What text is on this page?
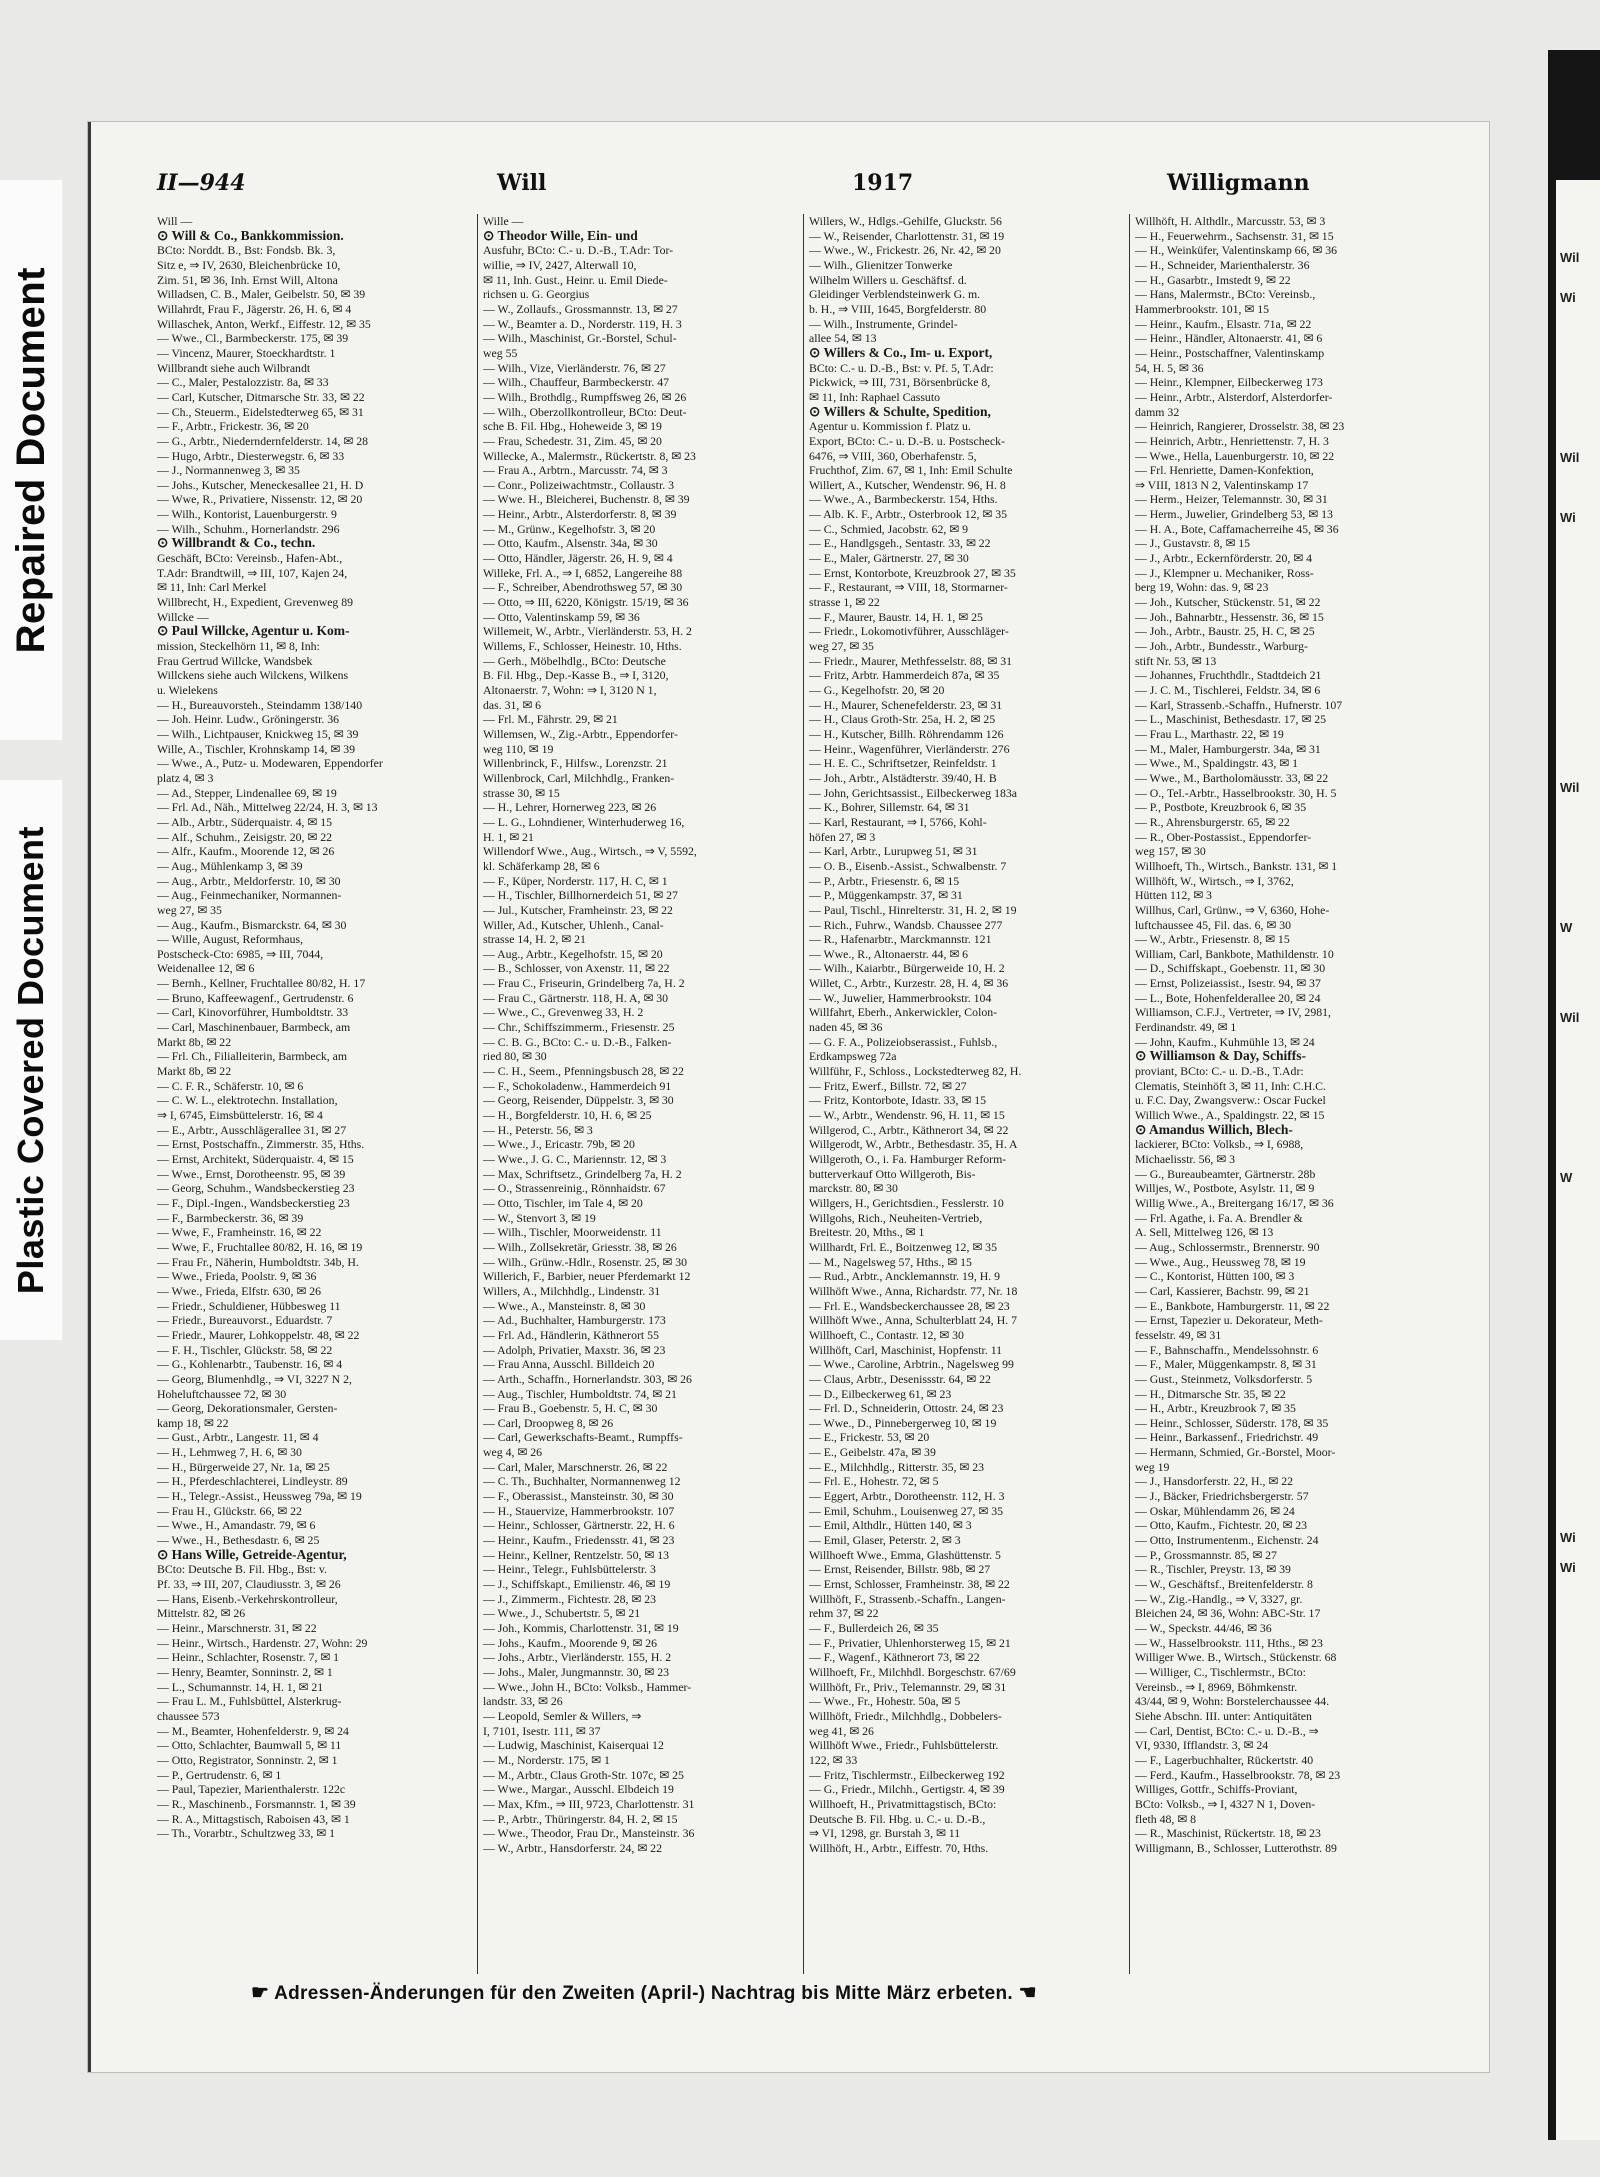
Repaired Document
Plastic Covered Document
II—944	Will	1917	Willigmann
Will —
⊙ Will & Co., Bankkommission.
BCto: Norddt. B., Bst: Fondsb. Bk. 3,
Sitz e, ⇒ IV, 2630, Bleichenbrücke 10,
Zim. 51, ✉ 36, Inh. Ernst Will, Altona
Willadsen, C. B., Maler, Geibelstr. 50, ✉ 39
Willahrdt, Frau F., Jägerstr. 26, H. 6, ✉ 4
Willaschek, Anton, Werkf., Eiffestr. 12, ✉ 35
— Wwe., Cl., Barmbeckerstr. 175, ✉ 39
— Vincenz, Maurer, Stoeckhardtstr. 1
Willbrandt siehe auch Wilbrandt
— C., Maler, Pestalozzistr. 8a, ✉ 33
— Carl, Kutscher, Ditmarsche Str. 33, ✉ 22
— Ch., Steuerm., Eidelstedterweg 65, ✉ 31
— F., Arbtr., Frickestr. 36, ✉ 20
— G., Arbtr., Niederndernfelderstr. 14, ✉ 28
— Hugo, Arbtr., Diesterwegstr. 6, ✉ 33
— J., Normannenweg 3, ✉ 35
— Johs., Kutscher, Meneckesallee 21, H. D
— Wwe, R., Privatiere, Nissenstr. 12, ✉ 20
— Wilh., Kontorist, Lauenburgerstr. 9
— Wilh., Schuhm., Hornerlandstr. 296
⊙ Willbrandt & Co., techn.
Geschäft, BCto: Vereinsb., Hafen-Abt.,
T.Adr: Brandtwill, ⇒ III, 107, Kajen 24,
✉ 11, Inh: Carl Merkel
Willbrecht, H., Expedient, Grevenweg 89
Willcke —
⊙ Paul Willcke, Agentur u. Kom-
mission, Steckelhörn 11, ✉ 8, Inh:
Frau Gertrud Willcke, Wandsbek
Willckens siehe auch Wilckens, Wilkens
u. Wielekens
— H., Bureauvorsteh., Steindamm 138/140
— Joh. Heinr. Ludw., Gröningerstr. 36
— Wilh., Lichtpauser, Knickweg 15, ✉ 39
Wille, A., Tischler, Krohnskamp 14, ✉ 39
— Wwe., A., Putz- u. Modewaren, Eppendorfer
platz 4, ✉ 3
— Ad., Stepper, Lindenallee 69, ✉ 19
— Frl. Ad., Näh., Mittelweg 22/24, H. 3, ✉ 13
— Alb., Arbtr., Süderquaistr. 4, ✉ 15
— Alf., Schuhm., Zeisigstr. 20, ✉ 22
— Alfr., Kaufm., Moorende 12, ✉ 26
— Aug., Mühlenkamp 3, ✉ 39
— Aug., Arbtr., Meldorferstr. 10, ✉ 30
— Aug., Feinmechaniker, Normannen-
weg 27, ✉ 35
— Aug., Kaufm., Bismarckstr. 64, ✉ 30
— Wille, August, Reformhaus,
Postscheck-Cto: 6985, ⇒ III, 7044,
Weidenallee 12, ✉ 6
— Bernh., Kellner, Fruchtallee 80/82, H. 17
— Bruno, Kaffeewagenf., Gertrudenstr. 6
— Carl, Kinovorführer, Humboldtstr. 33
— Carl, Maschinenbauer, Barmbeck, am
Markt 8b, ✉ 22
— Frl. Ch., Filialleiterin, Barmbeck, am
Markt 8b, ✉ 22
— C. F. R., Schäferstr. 10, ✉ 6
— C. W. L., elektrotechn. Installation,
⇒ I, 6745, Eimsbüttelerstr. 16, ✉ 4
— E., Arbtr., Ausschlägerallee 31, ✉ 27
— Ernst, Postschaffn., Zimmerstr. 35, Hths.
— Ernst, Architekt, Süderquaistr. 4, ✉ 15
— Wwe., Ernst, Dorotheenstr. 95, ✉ 39
— Georg, Schuhm., Wandsbeckerstieg 23
— F., Dipl.-Ingen., Wandsbeckerstieg 23
— F., Barmbeckerstr. 36, ✉ 39
— Wwe, F., Framheinstr. 16, ✉ 22
— Wwe, F., Fruchtallee 80/82, H. 16, ✉ 19
— Frau Fr., Näherin, Humboldtstr. 34b, H.
— Wwe., Frieda, Poolstr. 9, ✉ 36
— Wwe., Frieda, Elfstr. 630, ✉ 26
— Friedr., Schuldiener, Hübbesweg 11
— Friedr., Bureauvorst., Eduardstr. 7
— Friedr., Maurer, Lohkoppelstr. 48, ✉ 22
— F. H., Tischler, Glückstr. 58, ✉ 22
— G., Kohlenarbtr., Taubenstr. 16, ✉ 4
— Georg, Blumenhdlg., ⇒ VI, 3227 N 2,
Hoheluftchaussee 72, ✉ 30
— Georg, Dekorationsmaler, Gersten-
kamp 18, ✉ 22
— Gust., Arbtr., Langestr. 11, ✉ 4
— H., Lehmweg 7, H. 6, ✉ 30
— H., Bürgerweide 27, Nr. 1a, ✉ 25
— H., Pferdeschlachterei, Lindleystr. 89
— H., Telegr.-Assist., Heussweg 79a, ✉ 19
— Frau H., Glückstr. 66, ✉ 22
— Wwe., H., Amandastr. 79, ✉ 6
— Wwe., H., Bethesdastr. 6, ✉ 25
⊙ Hans Wille, Getreide-Agentur,
BCto: Deutsche B. Fil. Hbg., Bst: v.
Pf. 33, ⇒ III, 207, Claudiusstr. 3, ✉ 26
— Hans, Eisenb.-Verkehrskontrolleur,
Mittelstr. 82, ✉ 26
— Heinr., Marschnerstr. 31, ✉ 22
— Heinr., Wirtsch., Hardenstr. 27, Wohn: 29
— Heinr., Schlachter, Rosenstr. 7, ✉ 1
— Henry, Beamter, Sonninstr. 2, ✉ 1
— L., Schumannstr. 14, H. 1, ✉ 21
— Frau L. M., Fuhlsbüttel, Alsterkrug-
chaussee 573
— M., Beamter, Hohenfelderstr. 9, ✉ 24
— Otto, Schlachter, Baumwall 5, ✉ 11
— Otto, Registrator, Sonninstr. 2, ✉ 1
— P., Gertrudenstr. 6, ✉ 1
— Paul, Tapezier, Marienthalerstr. 122c
— R., Maschinenb., Forsmannstr. 1, ✉ 39
— R. A., Mittagstisch, Raboisen 43, ✉ 1
— Th., Vorarbtr., Schultzweg 33, ✉ 1
Wille —
⊙ Theodor Wille, Ein- und
Ausfuhr, BCto: C.- u. D.-B., T.Adr: Tor-
willie, ⇒ IV, 2427, Alterwall 10,
✉ 11, Inh. Gust., Heinr. u. Emil Diede-
richsen u. G. Georgius
— W., Zollaufs., Grossmannstr. 13, ✉ 27
— W., Beamter a. D., Norderstr. 119, H. 3
— Wilh., Maschinist, Gr.-Borstel, Schul-
weg 55
— Wilh., Vize, Vierländerstr. 76, ✉ 27
— Wilh., Chauffeur, Barmbeckerstr. 47
— Wilh., Brothdlg., Rumpffsweg 26, ✉ 26
— Wilh., Oberzollkontrolleur, BCto: Deut-
sche B. Fil. Hbg., Hoheweide 3, ✉ 19
— Frau, Schedestr. 31, Zim. 45, ✉ 20
Willecke, A., Malermstr., Rückertstr. 8, ✉ 23
— Frau A., Arbtrn., Marcusstr. 74, ✉ 3
— Conr., Polizeiwachtmstr., Collaustr. 3
— Wwe. H., Bleicherei, Buchenstr. 8, ✉ 39
— Heinr., Arbtr., Alsterdorferstr. 8, ✉ 39
— M., Grünw., Kegelhofstr. 3, ✉ 20
— Otto, Kaufm., Alsenstr. 34a, ✉ 30
— Otto, Händler, Jägerstr. 26, H. 9, ✉ 4
Willeke, Frl. A., ⇒ I, 6852, Langereihe 88
— F., Schreiber, Abendrothsweg 57, ✉ 30
— Otto, ⇒ III, 6220, Königstr. 15/19, ✉ 36
— Otto, Valentinskamp 59, ✉ 36
Willemeit, W., Arbtr., Vierländerstr. 53, H. 2
Willems, F., Schlosser, Heinestr. 10, Hths.
— Gerh., Möbelhdlg., BCto: Deutsche
B. Fil. Hbg., Dep.-Kasse B., ⇒ I, 3120,
Altonaerstr. 7, Wohn: ⇒ I, 3120 N 1,
das. 31, ✉ 6
— Frl. M., Fährstr. 29, ✉ 21
Willemsen, W., Zig.-Arbtr., Eppendorfer-
weg 110, ✉ 19
Willenbrinck, F., Hilfsw., Lorenzstr. 21
Willenbrock, Carl, Milchhdlg., Franken-
strasse 30, ✉ 15
— H., Lehrer, Hornerweg 223, ✉ 26
— L. G., Lohndiener, Winterhuderweg 16,
H. 1, ✉ 21
Willendorf Wwe., Aug., Wirtsch., ⇒ V, 5592,
kl. Schäferkamp 28, ✉ 6
— F., Küper, Norderstr. 117, H. C, ✉ 1
— H., Tischler, Billhornerdeich 51, ✉ 27
— Jul., Kutscher, Framheinstr. 23, ✉ 22
Willer, Ad., Kutscher, Uhlenh., Canal-
strasse 14, H. 2, ✉ 21
— Aug., Arbtr., Kegelhofstr. 15, ✉ 20
— B., Schlosser, von Axenstr. 11, ✉ 22
— Frau C., Friseurin, Grindelberg 7a, H. 2
— Frau C., Gärtnerstr. 118, H. A, ✉ 30
— Wwe., C., Grevenweg 33, H. 2
— Chr., Schiffszimmerm., Friesenstr. 25
— C. B. G., BCto: C.- u. D.-B., Falken-
ried 80, ✉ 30
— C. H., Seem., Pfenningsbusch 28, ✉ 22
— F., Schokoladenw., Hammerdeich 91
— Georg, Reisender, Düppelstr. 3, ✉ 30
— H., Borgfelderstr. 10, H. 6, ✉ 25
— H., Peterstr. 56, ✉ 3
— Wwe., J., Ericastr. 79b, ✉ 20
— Wwe., J. G. C., Mariennstr. 12, ✉ 3
— Max, Schriftsetz., Grindelberg 7a, H. 2
— O., Strassenreinig., Rönnhaidstr. 67
— Otto, Tischler, im Tale 4, ✉ 20
— W., Stenvort 3, ✉ 19
— Wilh., Tischler, Moorweidenstr. 11
— Wilh., Zollsekretär, Griesstr. 38, ✉ 26
— Wilh., Grünw.-Hdlr., Rosenstr. 25, ✉ 30
Willerich, F., Barbier, neuer Pferdemarkt 12
Willers, A., Milchhdlg., Lindenstr. 31
— Wwe., A., Mansteinstr. 8, ✉ 30
— Ad., Buchhalter, Hamburgerstr. 173
— Frl. Ad., Händlerin, Käthnerort 55
— Adolph, Privatier, Maxstr. 36, ✉ 23
— Frau Anna, Ausschl. Billdeich 20
— Arth., Schaffn., Hornerlandstr. 303, ✉ 26
— Aug., Tischler, Humboldtstr. 74, ✉ 21
— Frau B., Goebenstr. 5, H. C, ✉ 30
— Carl, Droopweg 8, ✉ 26
— Carl, Gewerkschafts-Beamt., Rumpffs-
weg 4, ✉ 26
— Carl, Maler, Marschnerstr. 26, ✉ 22
— C. Th., Buchhalter, Normannenweg 12
— F., Oberassist., Mansteinstr. 30, ✉ 30
— H., Stauervize, Hammerbrookstr. 107
— Heinr., Schlosser, Gärtnerstr. 22, H. 6
— Heinr., Kaufm., Friedensstr. 41, ✉ 23
— Heinr., Kellner, Rentzelstr. 50, ✉ 13
— Heinr., Telegr., Fuhlsbüttelerstr. 3
— J., Schiffskapt., Emilienstr. 46, ✉ 19
— J., Zimmerm., Fichtestr. 28, ✉ 23
— Wwe., J., Schubertstr. 5, ✉ 21
— Joh., Kommis, Charlottenstr. 31, ✉ 19
— Johs., Kaufm., Moorende 9, ✉ 26
— Johs., Arbtr., Vierländerstr. 155, H. 2
— Johs., Maler, Jungmannstr. 30, ✉ 23
— Wwe., John H., BCto: Volksb., Hammer-
landstr. 33, ✉ 26
— Leopold, Semler & Willers, ⇒
I, 7101, Isestr. 111, ✉ 37
— Ludwig, Maschinist, Kaiserquai 12
— M., Norderstr. 175, ✉ 1
— M., Arbtr., Claus Groth-Str. 107c, ✉ 25
— Wwe., Margar., Ausschl. Elbdeich 19
— Max, Kfm., ⇒ III, 9723, Charlottenstr. 31
— P., Arbtr., Thüringerstr. 84, H. 2, ✉ 15
— Wwe., Theodor, Frau Dr., Mansteinstr. 36
— W., Arbtr., Hansdorferstr. 24, ✉ 22
Willers, W., Hdlgs.-Gehilfe, Gluckstr. 56
— W., Reisender, Charlottenstr. 31, ✉ 19
— Wwe., W., Frickestr. 26, Nr. 42, ✉ 20
— Wilh., Glienitzer Tonwerke
Wilhelm Willers u. Geschäftsf. d.
Gleidinger Verblendsteinwerk G. m.
b. H., ⇒ VIII, 1645, Borgfelderstr. 80
— Wilh., Instrumente, Grindel-
allee 54, ✉ 13
⊙ Willers & Co., Im- u. Export,
BCto: C.- u. D.-B., Bst: v. Pf. 5, T.Adr:
Pickwick, ⇒ III, 731, Börsenbrücke 8,
✉ 11, Inh: Raphael Cassuto
⊙ Willers & Schulte, Spedition,
Agentur u. Kommission f. Platz u.
Export, BCto: C.- u. D.-B. u. Postscheck-
6476, ⇒ VIII, 360, Oberhafenstr. 5,
Fruchthof, Zim. 67, ✉ 1, Inh: Emil Schulte
Willert, A., Kutscher, Wendenstr. 96, H. 8
— Wwe., A., Barmbeckerstr. 154, Hths.
— Alb. K. F., Arbtr., Osterbrook 12, ✉ 35
— C., Schmied, Jacobstr. 62, ✉ 9
— E., Handlgsgeh., Sentastr. 33, ✉ 22
— E., Maler, Gärtnerstr. 27, ✉ 30
— Ernst, Kontorbote, Kreuzbrook 27, ✉ 35
— F., Restaurant, ⇒ VIII, 18, Stormarner-
strasse 1, ✉ 22
— F., Maurer, Baustr. 14, H. 1, ✉ 25
— Friedr., Lokomotivführer, Ausschläger-
weg 27, ✉ 35
— Friedr., Maurer, Methfesselstr. 88, ✉ 31
— Fritz, Arbtr. Hammerdeich 87a, ✉ 35
— G., Kegelhofstr. 20, ✉ 20
— H., Maurer, Schenefelderstr. 23, ✉ 31
— H., Claus Groth-Str. 25a, H. 2, ✉ 25
— H., Kutscher, Billh. Röhrendamm 126
— Heinr., Wagenführer, Vierländerstr. 276
— H. E. C., Schriftsetzer, Reinfeldstr. 1
— Joh., Arbtr., Alstädterstr. 39/40, H. B
— John, Gerichtsassist., Eilbeckerweg 183a
— K., Bohrer, Sillemstr. 64, ✉ 31
— Karl, Restaurant, ⇒ I, 5766, Kohl-
höfen 27, ✉ 3
— Karl, Arbtr., Lurupweg 51, ✉ 31
— O. B., Eisenb.-Assist., Schwalbenstr. 7
— P., Arbtr., Friesenstr. 6, ✉ 15
— P., Müggenkampstr. 37, ✉ 31
— Paul, Tischl., Hinrelterstr. 31, H. 2, ✉ 19
— Rich., Fuhrw., Wandsb. Chaussee 277
— R., Hafenarbtr., Marckmannstr. 121
— Wwe., R., Altonaerstr. 44, ✉ 6
— Wilh., Kaiarbtr., Bürgerweide 10, H. 2
Willet, C., Arbtr., Kurzestr. 28, H. 4, ✉ 36
— W., Juwelier, Hammerbrookstr. 104
Willfahrt, Eberh., Ankerwickler, Colon-
naden 45, ✉ 36
— G. F. A., Polizeiobserassist., Fuhlsb.,
Erdkampsweg 72a
Willführ, F., Schloss., Lockstedterweg 82, H.
— Fritz, Ewerf., Billstr. 72, ✉ 27
— Fritz, Kontorbote, Idastr. 33, ✉ 15
— W., Arbtr., Wendenstr. 96, H. 11, ✉ 15
Willgerod, C., Arbtr., Käthnerort 34, ✉ 22
Willgerodt, W., Arbtr., Bethesdastr. 35, H. A
Willgeroth, O., i. Fa. Hamburger Reform-
butterverkauf Otto Willgeroth, Bis-
marckstr. 80, ✉ 30
Willgers, H., Gerichtsdien., Fesslerstr. 10
Willgohs, Rich., Neuheiten-Vertrieb,
Breitestr. 20, Mths., ✉ 1
Willhardt, Frl. E., Boitzenweg 12, ✉ 35
— M., Nagelsweg 57, Hths., ✉ 15
— Rud., Arbtr., Ancklemannstr. 19, H. 9
Willhöft Wwe., Anna, Richardstr. 77, Nr. 18
— Frl. E., Wandsbeckerchaussee 28, ✉ 23
Willhöft Wwe., Anna, Schulterblatt 24, H. 7
Willhoeft, C., Contastr. 12, ✉ 30
Willhöft, Carl, Maschinist, Hopfenstr. 11
— Wwe., Caroline, Arbtrin., Nagelsweg 99
— Claus, Arbtr., Desenissstr. 64, ✉ 22
— D., Eilbeckerweg 61, ✉ 23
— Frl. D., Schneiderin, Ottostr. 24, ✉ 23
— Wwe., D., Pinnebergerweg 10, ✉ 19
— E., Frickestr. 53, ✉ 20
— E., Geibelstr. 47a, ✉ 39
— E., Milchhdlg., Ritterstr. 35, ✉ 23
— Frl. E., Hohestr. 72, ✉ 5
— Eggert, Arbtr., Dorotheenstr. 112, H. 3
— Emil, Schuhm., Louisenweg 27, ✉ 35
— Emil, Althdlr., Hütten 140, ✉ 3
— Emil, Glaser, Peterstr. 2, ✉ 3
Willhoeft Wwe., Emma, Glashüttenstr. 5
— Ernst, Reisender, Billstr. 98b, ✉ 27
— Ernst, Schlosser, Framheinstr. 38, ✉ 22
Willhöft, F., Strassenb.-Schaffn., Langen-
rehm 37, ✉ 22
— F., Bullerdeich 26, ✉ 35
— F., Privatier, Uhlenhorsterweg 15, ✉ 21
— F., Wagenf., Käthnerort 73, ✉ 22
Willhoeft, Fr., Milchhdl. Borgeschstr. 67/69
Willhöft, Fr., Priv., Telemannstr. 29, ✉ 31
— Wwe., Fr., Hohestr. 50a, ✉ 5
Willhöft, Friedr., Milchhdlg., Dobbelers-
weg 41, ✉ 26
Willhöft Wwe., Friedr., Fuhlsbüttelerstr.
122, ✉ 33
— Fritz, Tischlermstr., Eilbeckerweg 192
— G., Friedr., Milchh., Gertigstr. 4, ✉ 39
Willhoeft, H., Privatmittagstisch, BCto:
Deutsche B. Fil. Hbg. u. C.- u. D.-B.,
⇒ VI, 1298, gr. Burstah 3, ✉ 11
Willhöft, H., Arbtr., Eiffestr. 70, Hths.
Willhöft, H. Althdlr., Marcusstr. 53, ✉ 3
— H., Feuerwehrm., Sachsenstr. 31, ✉ 15
— H., Weinküfer, Valentinskamp 66, ✉ 36
— H., Schneider, Marienthalerstr. 36
— H., Gasarbtr., Imstedt 9, ✉ 22
— Hans, Malermstr., BCto: Vereinsb.,
Hammerbrookstr. 101, ✉ 15
— Heinr., Kaufm., Elsastr. 71a, ✉ 22
— Heinr., Händler, Altonaerstr. 41, ✉ 6
— Heinr., Postschaffner, Valentinskamp
54, H. 5, ✉ 36
— Heinr., Klempner, Eilbeckerweg 173
— Heinr., Arbtr., Alsterdorf, Alsterdorfer-
damm 32
— Heinrich, Rangierer, Drosselstr. 38, ✉ 23
— Heinrich, Arbtr., Henriettenstr. 7, H. 3
— Wwe., Hella, Lauenburgerstr. 10, ✉ 22
— Frl. Henriette, Damen-Konfektion,
⇒ VIII, 1813 N 2, Valentinskamp 17
— Herm., Heizer, Telemannstr. 30, ✉ 31
— Herm., Juwelier, Grindelberg 53, ✉ 13
— H. A., Bote, Caffamacherreihe 45, ✉ 36
— J., Gustavstr. 8, ✉ 15
— J., Arbtr., Eckernförderstr. 20, ✉ 4
— J., Klempner u. Mechaniker, Ross-
berg 19, Wohn: das. 9, ✉ 23
— Joh., Kutscher, Stückenstr. 51, ✉ 22
— Joh., Bahnarbtr., Hessenstr. 36, ✉ 15
— Joh., Arbtr., Baustr. 25, H. C, ✉ 25
— Joh., Arbtr., Bundesstr., Warburg-
stift Nr. 53, ✉ 13
— Johannes, Fruchthdlr., Stadtdeich 21
— J. C. M., Tischlerei, Feldstr. 34, ✉ 6
— Karl, Strassenb.-Schaffn., Hufnerstr. 107
— L., Maschinist, Bethesdastr. 17, ✉ 25
— Frau L., Marthastr. 22, ✉ 19
— M., Maler, Hamburgerstr. 34a, ✉ 31
— Wwe., M., Spaldingstr. 43, ✉ 1
— Wwe., M., Bartholomäusstr. 33, ✉ 22
— O., Tel.-Arbtr., Hasselbrookstr. 30, H. 5
— P., Postbote, Kreuzbrook 6, ✉ 35
— R., Ahrensburgerstr. 65, ✉ 22
— R., Ober-Postassist., Eppendorfer-
weg 157, ✉ 30
Willhoeft, Th., Wirtsch., Bankstr. 131, ✉ 1
Willhöft, W., Wirtsch., ⇒ I, 3762,
Hütten 112, ✉ 3
Willhus, Carl, Grünw., ⇒ V, 6360, Hohe-
luftchaussee 45, Fil. das. 6, ✉ 30
— W., Arbtr., Friesenstr. 8, ✉ 15
William, Carl, Bankbote, Mathildenstr. 10
— D., Schiffskapt., Goebenstr. 11, ✉ 30
— Ernst, Polizeiassist., Isestr. 94, ✉ 37
— L., Bote, Hohenfelderallee 20, ✉ 24
Williamson, C.F.J., Vertreter, ⇒ IV, 2981,
Ferdinandstr. 49, ✉ 1
— John, Kaufm., Kuhmühle 13, ✉ 24
⊙ Williamson & Day, Schiffs-
proviant, BCto: C.- u. D.-B., T.Adr:
Clematis, Steinhöft 3, ✉ 11, Inh: C.H.C.
u. F.C. Day, Zwangsverw.: Oscar Fuckel
Willich Wwe., A., Spaldingstr. 22, ✉ 15
⊙ Amandus Willich, Blech-
lackierer, BCto: Volksb., ⇒ I, 6988,
Michaelisstr. 56, ✉ 3
— G., Bureaubeamter, Gärtnerstr. 28b
Willjes, W., Postbote, Asylstr. 11, ✉ 9
Willig Wwe., A., Breitergang 16/17, ✉ 36
— Frl. Agathe, i. Fa. A. Brendler &
A. Sell, Mittelweg 126, ✉ 13
— Aug., Schlossermstr., Brennerstr. 90
— Wwe., Aug., Heussweg 78, ✉ 19
— C., Kontorist, Hütten 100, ✉ 3
— Carl, Kassierer, Bachstr. 99, ✉ 21
— E., Bankbote, Hamburgerstr. 11, ✉ 22
— Ernst, Tapezier u. Dekorateur, Meth-
fesselstr. 49, ✉ 31
— F., Bahnschaffn., Mendelssohnstr. 6
— F., Maler, Müggenkampstr. 8, ✉ 31
— Gust., Steinmetz, Volksdorferstr. 5
— H., Ditmarsche Str. 35, ✉ 22
— H., Arbtr., Kreuzbrook 7, ✉ 35
— Heinr., Schlosser, Süderstr. 178, ✉ 35
— Heinr., Barkassenf., Friedrichstr. 49
— Hermann, Schmied, Gr.-Borstel, Moor-
weg 19
— J., Hansdorferstr. 22, H., ✉ 22
— J., Bäcker, Friedrichsbergerstr. 57
— Oskar, Mühlendamm 26, ✉ 24
— Otto, Kaufm., Fichtestr. 20, ✉ 23
— Otto, Instrumentenm., Eichenstr. 24
— P., Grossmannstr. 85, ✉ 27
— R., Tischler, Preystr. 13, ✉ 39
— W., Geschäftsf., Breitenfelderstr. 8
— W., Zig.-Handlg., ⇒ V, 3327, gr.
Bleichen 24, ✉ 36, Wohn: ABC-Str. 17
— W., Speckstr. 44/46, ✉ 36
— W., Hasselbrookstr. 111, Hths., ✉ 23
Williger Wwe. B., Wirtsch., Stückenstr. 68
— Williger, C., Tischlermstr., BCto:
Vereinsb., ⇒ I, 8969, Böhmkenstr.
43/44, ✉ 9, Wohn: Borstelerchaussee 44.
Siehe Abschn. III. unter: Antiquitäten
— Carl, Dentist, BCto: C.- u. D.-B., ⇒
VI, 9330, Ifflandstr. 3, ✉ 24
— F., Lagerbuchhalter, Rückertstr. 40
— Ferd., Kaufm., Hasselbrookstr. 78, ✉ 23
Williges, Gottfr., Schiffs-Proviant,
BCto: Volksb., ⇒ I, 4327 N 1, Doven-
fleth 48, ✉ 8
— R., Maschinist, Rückertstr. 18, ✉ 23
Willigmann, B., Schlosser, Lutterothstr. 89
☛ Adressen-Änderungen für den Zweiten (April-) Nachtrag bis Mitte März erbeten. ☚
Wil
Wi
Wil
Wi
Wil
W
Wil
W
Wi
Wi
